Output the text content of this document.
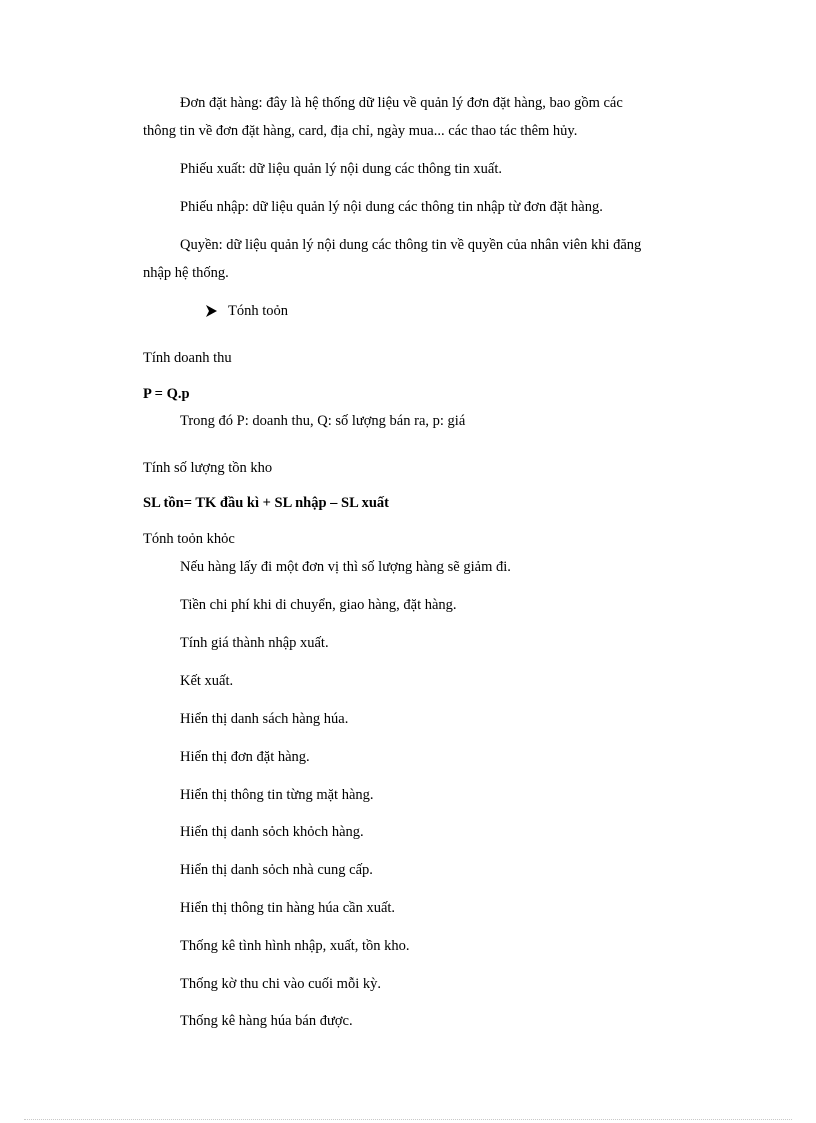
Đơn đặt hàng: đây là hệ thống dữ liệu về quản lý đơn đặt hàng, bao gồm các
thông tin về đơn đặt hàng, card, địa chỉ, ngày mua... các thao tác thêm hủy.
Phiếu xuất: dữ liệu quản lý nội dung các thông tin xuất.
Phiếu nhập: dữ liệu quản lý nội dung các thông tin nhập từ đơn đặt hàng.
Quyền: dữ liệu quản lý nội dung các thông tin về quyền của nhân viên khi đăng
nhập hệ thống.
Tónh toỏn
Tính doanh thu
P = Q.p
Trong đó P: doanh thu, Q: số lượng bán ra, p: giá
Tính số lượng tồn kho
SL tồn= TK đầu kì + SL nhập – SL xuất
Tónh toỏn khỏc
Nếu hàng lấy đi một đơn vị thì số lượng hàng sẽ giảm đi.
Tiền chi phí khi di chuyển, giao hàng, đặt hàng.
Tính giá thành nhập xuất.
Kết xuất.
Hiển thị danh sách hàng húa.
Hiển thị đơn đặt hàng.
Hiển thị thông tin từng mặt hàng.
Hiển thị danh sỏch khỏch hàng.
Hiển thị danh sỏch nhà cung cấp.
Hiển thị thông tin hàng húa cần xuất.
Thống kê tình hình nhập, xuất, tồn kho.
Thống kờ thu chi vào cuối mỗi kỳ.
Thống kê hàng húa bán được.
